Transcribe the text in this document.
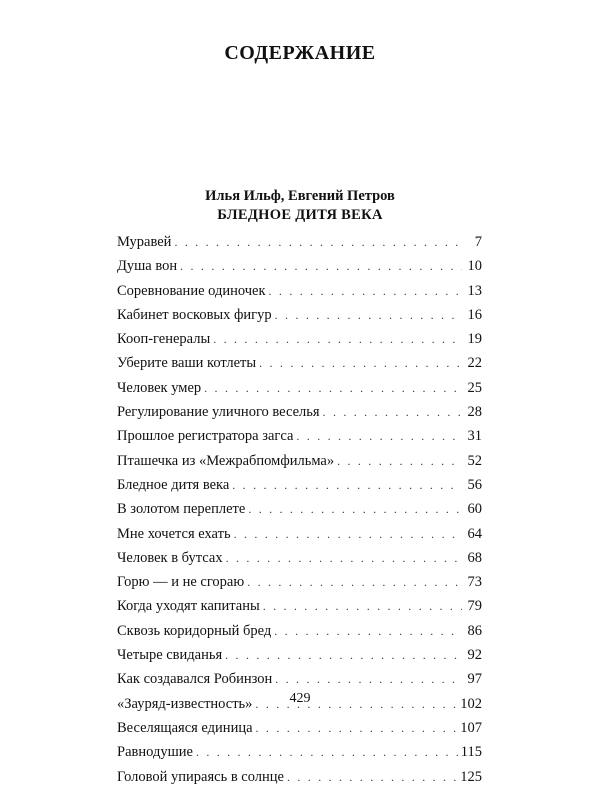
СОДЕРЖАНИЕ
Илья Ильф, Евгений Петров
БЛЕДНОЕ ДИТЯ ВЕКА
Муравей . . .	7
Душа вон . . .	10
Соревнование одиночек . . .	13
Кабинет восковых фигур . . .	16
Кооп-генералы . . .	19
Уберите ваши котлеты . . .	22
Человек умер . . .	25
Регулирование уличного веселья . . .	28
Прошлое регистратора загса . . .	31
Пташечка из «Межрабпомфильма» . . .	52
Бледное дитя века . . .	56
В золотом переплете . . .	60
Мне хочется ехать . . .	64
Человек в бутсах . . .	68
Горю — и не сгораю . . .	73
Когда уходят капитаны . . .	79
Сквозь коридорный бред . . .	86
Четыре свиданья . . .	92
Как создавался Робинзон . . .	97
«Зауряд-известность» . . .	102
Веселящаяся единица . . .	107
Равнодушие . . .	115
Головой упираясь в солнце . . .	125
429
